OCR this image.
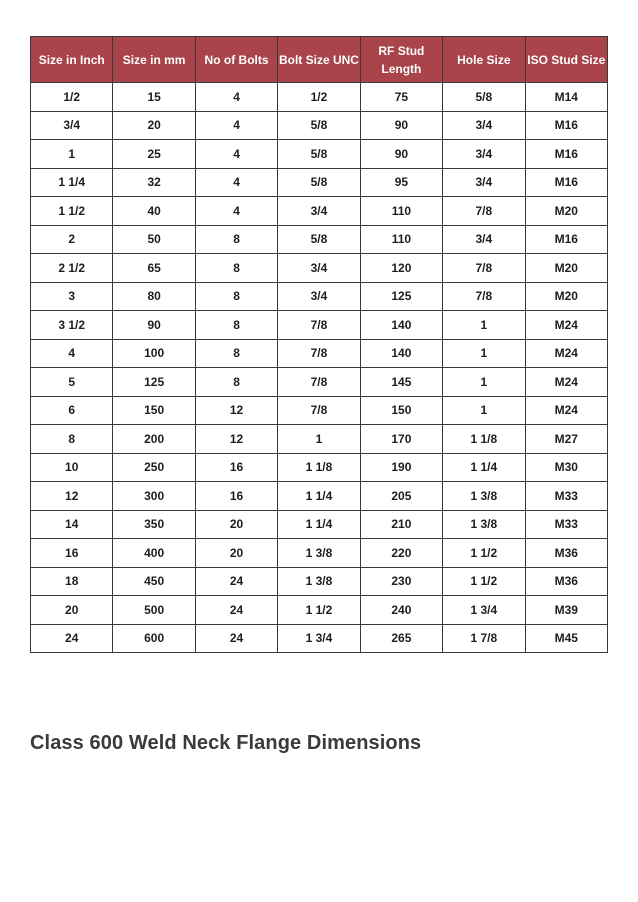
Size in Inch	Size in mm	No of Bolts	Bolt Size UNC	RF Stud Length	Hole Size	ISO Stud Size
1/2	15	4	1/2	75	5/8	M14
3/4	20	4	5/8	90	3/4	M16
1	25	4	5/8	90	3/4	M16
1 1/4	32	4	5/8	95	3/4	M16
1 1/2	40	4	3/4	110	7/8	M20
2	50	8	5/8	110	3/4	M16
2 1/2	65	8	3/4	120	7/8	M20
3	80	8	3/4	125	7/8	M20
3 1/2	90	8	7/8	140	1	M24
4	100	8	7/8	140	1	M24
5	125	8	7/8	145	1	M24
6	150	12	7/8	150	1	M24
8	200	12	1	170	1 1/8	M27
10	250	16	1 1/8	190	1 1/4	M30
12	300	16	1 1/4	205	1 3/8	M33
14	350	20	1 1/4	210	1 3/8	M33
16	400	20	1 3/8	220	1 1/2	M36
18	450	24	1 3/8	230	1 1/2	M36
20	500	24	1 1/2	240	1 3/4	M39
24	600	24	1 3/4	265	1 7/8	M45
Class 600 Weld Neck Flange Dimensions
